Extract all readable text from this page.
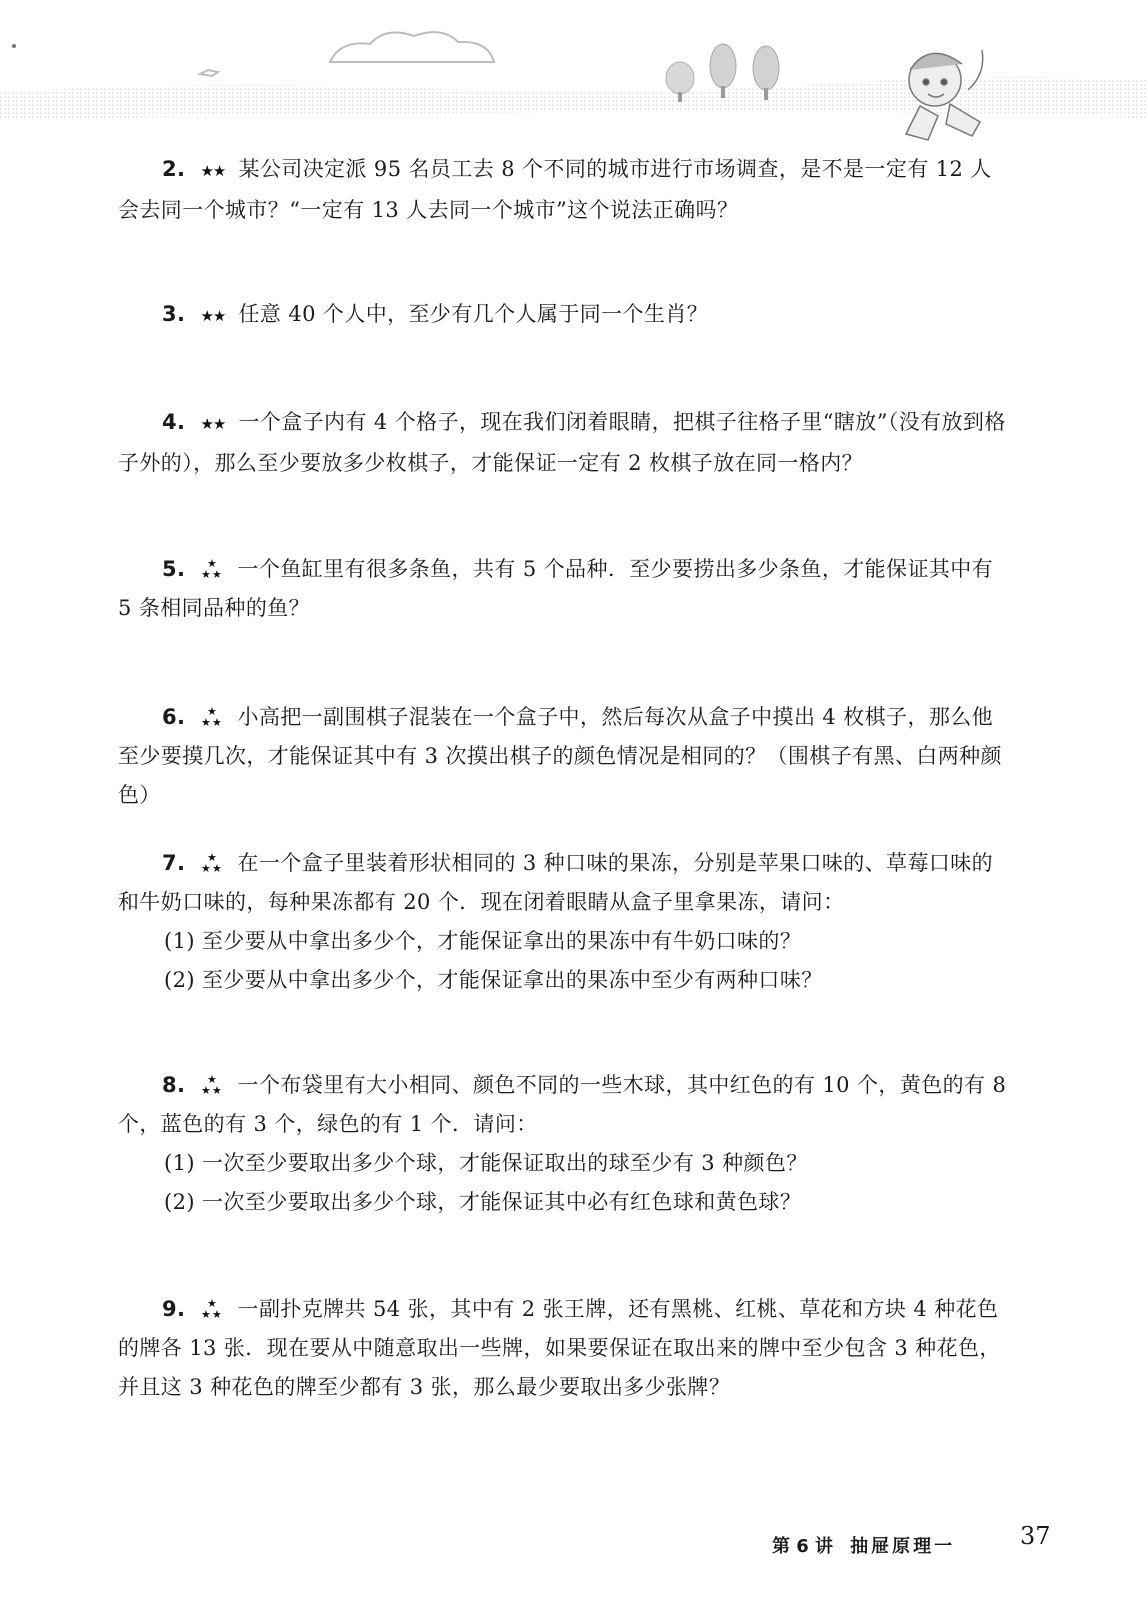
2. ★★ 某公司决定派 95 名员工去 8 个不同的城市进行市场调查，是不是一定有 12 人会去同一个城市？“一定有 13 人去同一个城市”这个说法正确吗？
3. ★★ 任意 40 个人中，至少有几个人属于同一个生肖？
4. ★★ 一个盒子内有 4 个格子，现在我们闭着眼睛，把棋子往格子里“瞎放”（没有放到格子外的），那么至少要放多少枚棋子，才能保证一定有 2 枚棋子放在同一格内？
5. ★
★ ★ 一个鱼缸里有很多条鱼，共有 5 个品种．至少要捞出多少条鱼，才能保证其中有 5 条相同品种的鱼？
6. ★
★ ★ 小高把一副围棋子混装在一个盒子中，然后每次从盒子中摸出 4 枚棋子，那么他至少要摸几次，才能保证其中有 3 次摸出棋子的颜色情况是相同的？（围棋子有黑、白两种颜色）
7. ★
★ ★ 在一个盒子里装着形状相同的 3 种口味的果冻，分别是苹果口味的、草莓口味的和牛奶口味的，每种果冻都有 20 个．现在闭着眼睛从盒子里拿果冻，请问：
(1) 至少要从中拿出多少个，才能保证拿出的果冻中有牛奶口味的？
(2) 至少要从中拿出多少个，才能保证拿出的果冻中至少有两种口味？
8. ★
★ ★ 一个布袋里有大小相同、颜色不同的一些木球，其中红色的有 10 个，黄色的有 8 个，蓝色的有 3 个，绿色的有 1 个．请问：
(1) 一次至少要取出多少个球，才能保证取出的球至少有 3 种颜色？
(2) 一次至少要取出多少个球，才能保证其中必有红色球和黄色球？
9. ★
★ ★ 一副扑克牌共 54 张，其中有 2 张王牌，还有黑桃、红桃、草花和方块 4 种花色的牌各 13 张．现在要从中随意取出一些牌，如果要保证在取出来的牌中至少包含 3 种花色，并且这 3 种花色的牌至少都有 3 张，那么最少要取出多少张牌？
第 6 讲 抽屉原理一	37
